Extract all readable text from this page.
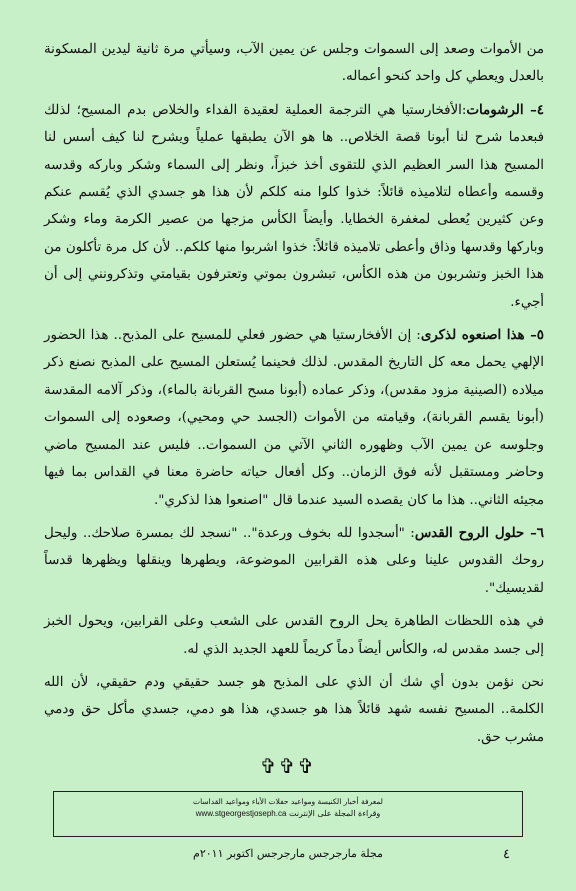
من الأموات وصعد إلى السموات وجلس عن يمين الآب، وسيأتي مرة ثانية ليدين المسكونة بالعدل ويعطي كل واحد كنحو أعماله.

٤– الرشومات:الأفخارستيا هي الترجمة العملية لعقيدة الفداء والخلاص بدم المسيح؛ لذلك فبعدما شرح لنا أبونا قصة الخلاص.. ها هو الآن يطبقها عملياً ويشرح لنا كيف أسس لنا المسيح هذا السر العظيم الذي للتقوى أخذ خبزاً، ونظر إلى السماء وشكر وباركه وقدسه وقسمه وأعطاه لتلاميذه قائلاً: خذوا كلوا منه كلكم لأن هذا هو جسدي الذي يُقسم عنكم وعن كثيرين يُعطى لمغفرة الخطايا. وأيضاً الكأس مزجها من عصير الكرمة وماء وشكر وباركها وقدسها وذاق وأعطى تلاميذه قائلاً: خذوا اشربوا منها كلكم.. لأن كل مرة تأكلون من هذا الخبز وتشربون من هذه الكأس، تبشرون بموتي وتعترفون بقيامتي وتذكرونني إلى أن أجيء.

٥– هذا اصنعوه لذكرى: إن الأفخارستيا هي حضور فعلي للمسيح على المذبح.. هذا الحضور الإلهي يحمل معه كل التاريخ المقدس. لذلك فحينما يُستعلن المسيح على المذبح نصنع ذكر ميلاده (الصينية مزود مقدس)، وذكر عماده (أبونا مسح القربانة بالماء)، وذكر آلامه المقدسة (أبونا يقسم القربانة)، وقيامته من الأموات (الجسد حي ومحيي)، وصعوده إلى السموات وجلوسه عن يمين الآب وظهوره الثاني الآتي من السموات.. فليس عند المسيح ماضي وحاضر ومستقبل لأنه فوق الزمان.. وكل أفعال حياته حاضرة معنا في القداس بما فيها مجيئه الثاني.. هذا ما كان يقصده السيد عندما قال "اصنعوا هذا لذكري".

٦– حلول الروح القدس: "أسجدوا لله بخوف ورعدة".. "نسجد لك بمسرة صلاحك.. وليحل روحك القدوس علينا وعلى هذه القرابين الموضوعة، ويطهرها وينقلها ويظهرها قدساً لقديسيك".

في هذه اللحظات الطاهرة يحل الروح القدس على الشعب وعلى القرابين، ويحول الخبز إلى جسد مقدس له، والكأس أيضاً دماً كريماً للعهد الجديد الذي له.

نحن نؤمن بدون أي شك أن الذي على المذبح هو جسد حقيقي ودم حقيقي، لأن الله الكلمة.. المسيح نفسه شهد قائلاً هذا هو جسدي، هذا هو دمي، جسدي مأكل حق ودمي مشرب حق.

✞✞✞
لمعرفة أخبار الكنيسة ومواعيد حفلات الأباء ومواعيد القداسات
وقراءة المجلة على الإنترنت www.stgeorgestjoseph.ca
٤
مجلة مارجرجس مارجرجس اكتوبر ٢٠١١م
